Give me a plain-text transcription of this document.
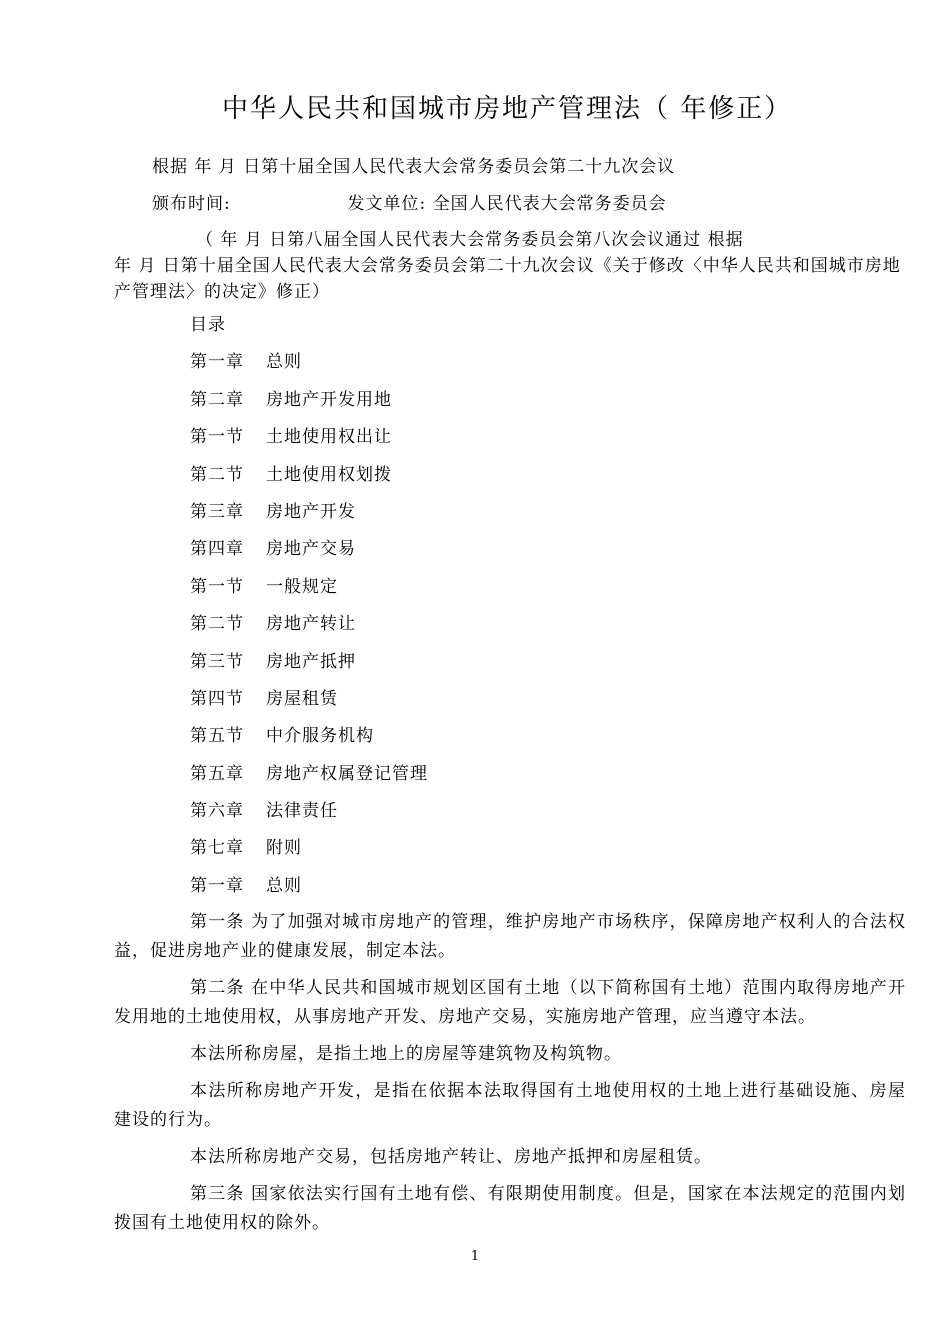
中华人民共和国城市房地产管理法（ 年修正）
根据 年 月 日第十届全国人民代表大会常务委员会第二十九次会议
颁布时间:	发文单位: 全国人民代表大会常务委员会
（ 年 月 日第八届全国人民代表大会常务委员会第八次会议通过 根据
年 月 日第十届全国人民代表大会常务委员会第二十九次会议《关于修改〈中华人民共和国城市房地产管理法〉的决定》修正）
目录
第一章 总则
第二章 房地产开发用地
第一节 土地使用权出让
第二节 土地使用权划拨
第三章 房地产开发
第四章 房地产交易
第一节 一般规定
第二节 房地产转让
第三节 房地产抵押
第四节 房屋租赁
第五节 中介服务机构
第五章 房地产权属登记管理
第六章 法律责任
第七章 附则
第一章 总则

第一条 为了加强对城市房地产的管理，维护房地产市场秩序，保障房地产权利人的合法权益，促进房地产业的健康发展，制定本法。

第二条 在中华人民共和国城市规划区国有土地（以下简称国有土地）范围内取得房地产开发用地的土地使用权，从事房地产开发、房地产交易，实施房地产管理，应当遵守本法。

本法所称房屋，是指土地上的房屋等建筑物及构筑物。

本法所称房地产开发，是指在依据本法取得国有土地使用权的土地上进行基础设施、房屋建设的行为。

本法所称房地产交易，包括房地产转让、房地产抵押和房屋租赁。

第三条 国家依法实行国有土地有偿、有限期使用制度。但是，国家在本法规定的范围内划拨国有土地使用权的除外。

1
